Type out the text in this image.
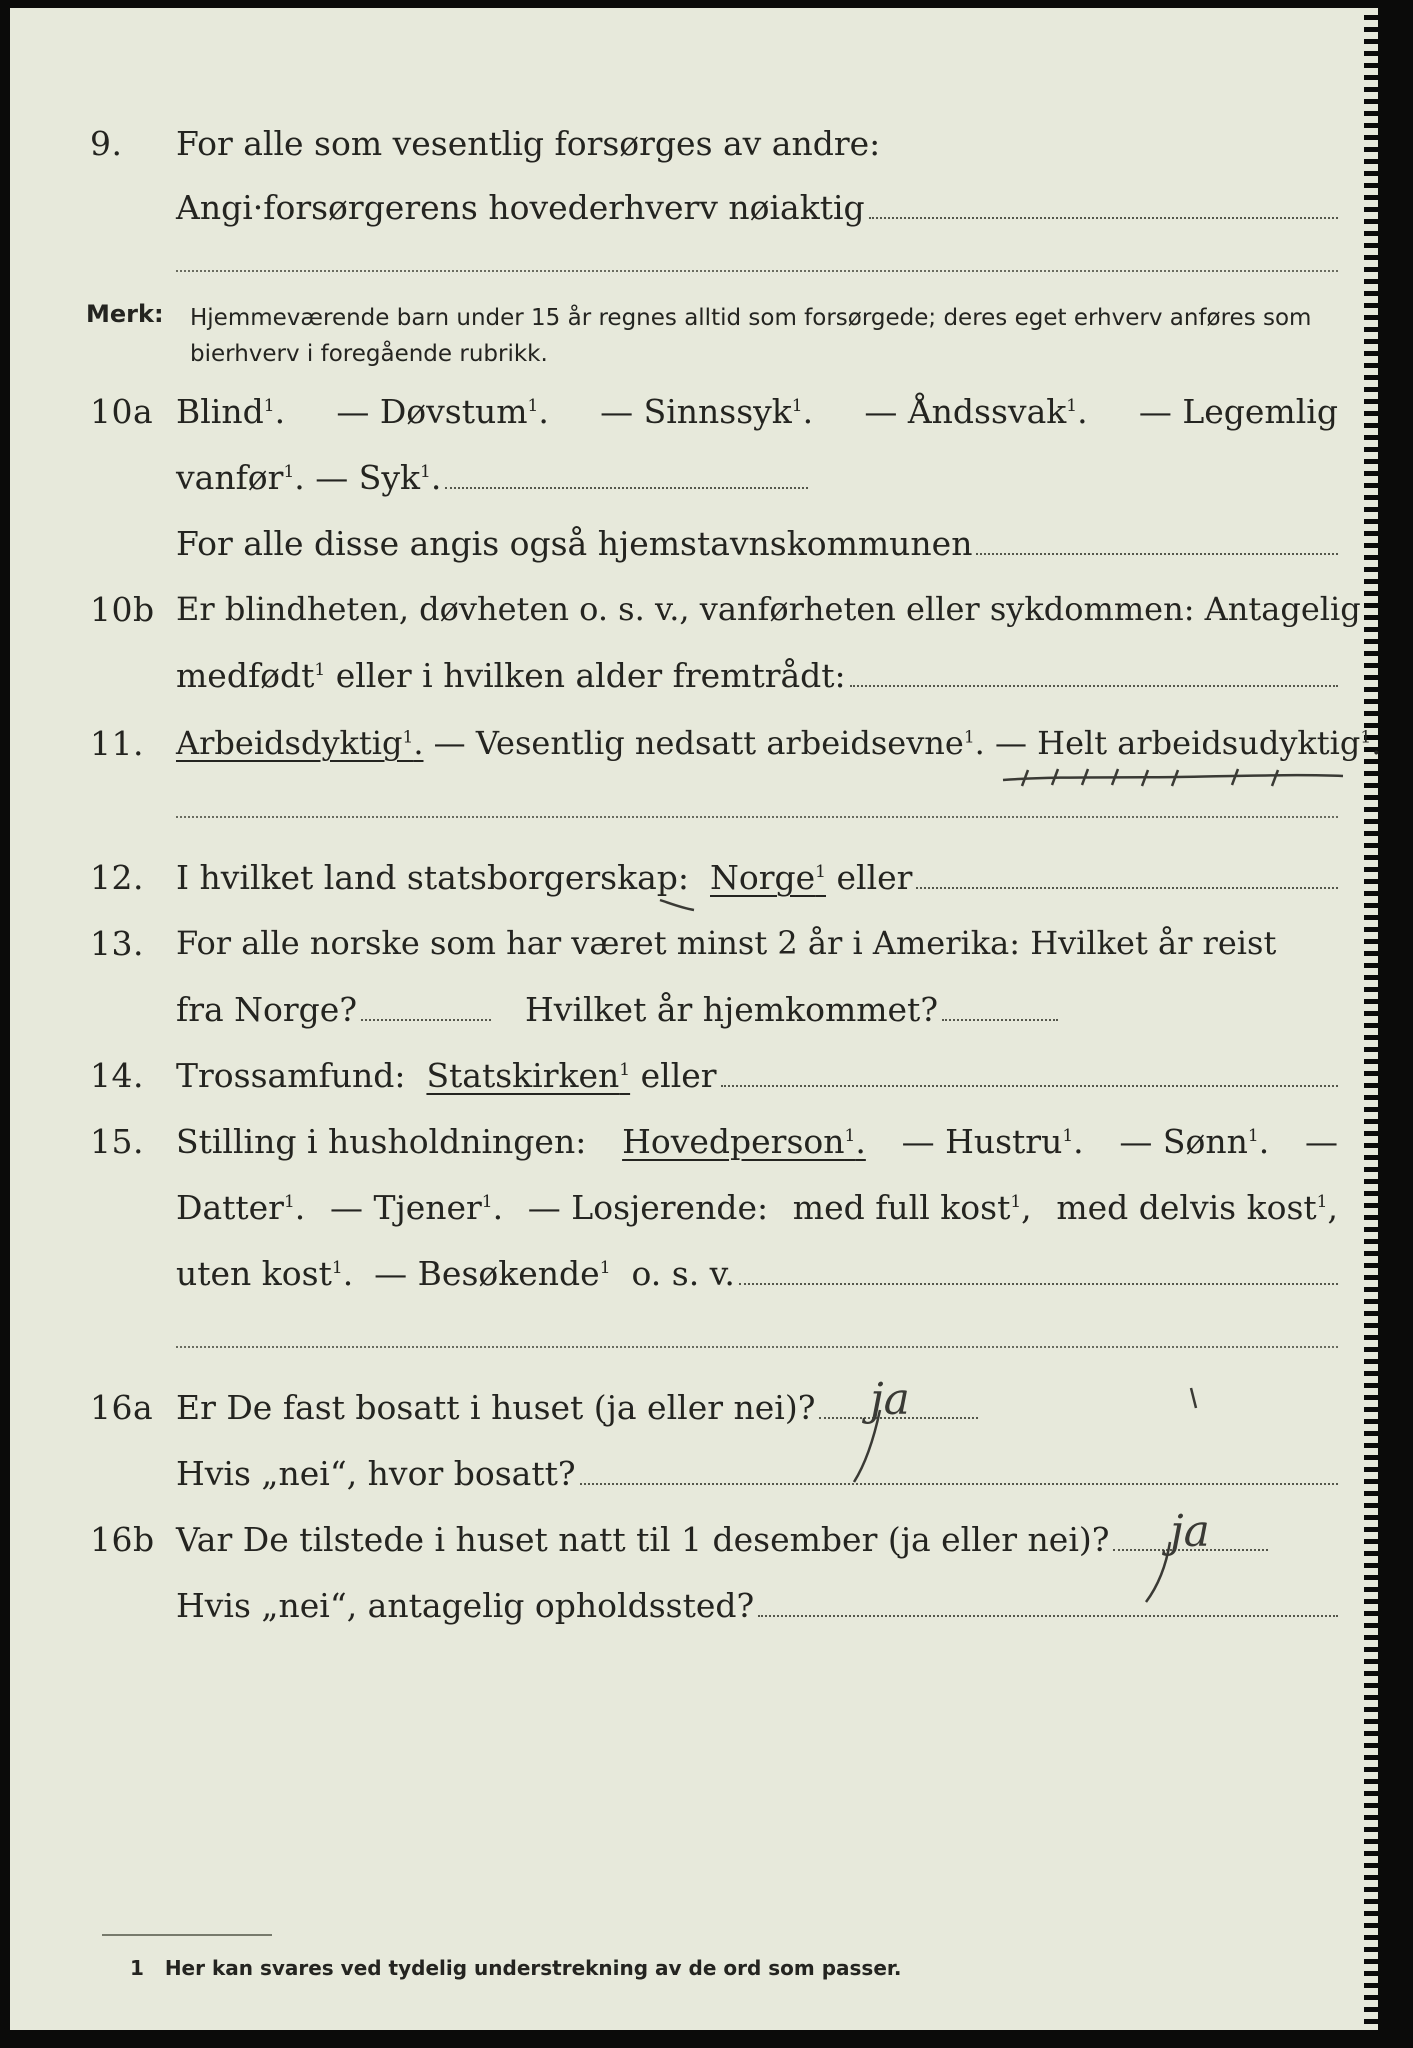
9. For alle som vesentlig forsørges av andre:
Angi·forsørgerens hovederhverv nøiaktig
Merk: Hjemmeværende barn under 15 år regnes alltid som forsørgede; deres eget erhverv anføres som bierhverv i foregående rubrikk.
10a Blind$^1$. — Døvstum$^1$. — Sinnssyk$^1$. — Åndssvak$^1$. — Legemlig
vanfør$^1$. — Syk$^1$.
For alle disse angis også hjemstavnskommunen
10b Er blindheten, døvheten o. s. v., vanførheten eller sykdommen: Antagelig
medfødt$^1$ eller i hvilken alder fremtrådt:
11. Arbeidsdyktig$^1$.
— Vesentlig nedsatt arbeidsevne$^1$.
— Helt arbeidsudyktig$^1$.
12. I hvilket land statsborgerskap:
Norge$^1$
eller
13. For alle norske som har været minst 2 år i Amerika: Hvilket år reist
fra Norge?	Hvilket år hjemkommet?
14. Trossamfund:
Statskirken$^1$
eller
15. Stilling i husholdningen: Hovedperson$^1$. — Hustru$^1$. — Sønn$^1$. —
Datter$^1$. — Tjener$^1$. — Losjerende: med full kost$^1$, med delvis kost$^1$,
uten kost$^1$. — Besøkende$^1$ o. s. v.
16a Er De fast bosatt i huset (ja eller nei)? ja
Hvis „nei“, hvor bosatt?
16b Var De tilstede i huset natt til 1 desember (ja eller nei)? ja
Hvis „nei“, antagelig opholdssted?
1 Her kan svares ved tydelig understrekning av de ord som passer.
